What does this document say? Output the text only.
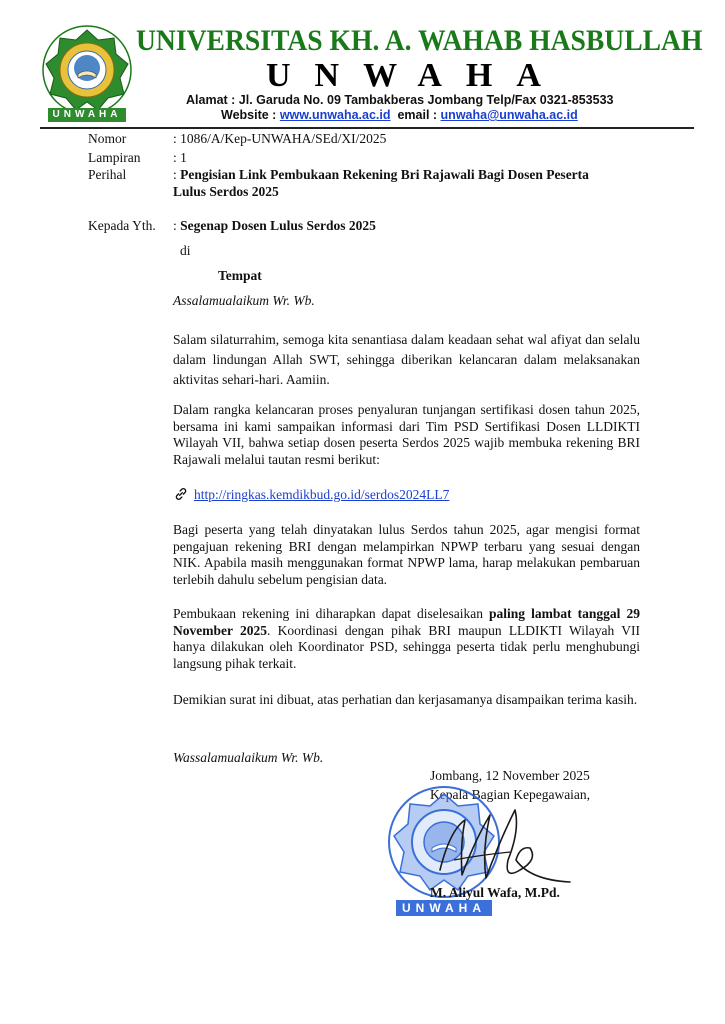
UNWAHA
UNIVERSITAS KH. A. WAHAB HASBULLAH
UNWAHA
Alamat : Jl. Garuda No. 09 Tambakberas Jombang Telp/Fax 0321-853533
Website : www.unwaha.ac.id email : unwaha@unwaha.ac.id
Nomor	: 1086/A/Kep-UNWAHA/SEd/XI/2025
Lampiran : 1
Perihal	: Pengisian Link Pembukaan Rekening Bri Rajawali Bagi Dosen Peserta
Lulus Serdos 2025
Kepada Yth. : Segenap Dosen Lulus Serdos 2025
di
Tempat
Assalamualaikum Wr. Wb.
Salam silaturrahim, semoga kita senantiasa dalam keadaan sehat wal afiyat dan selalu dalam lindungan Allah SWT, sehingga diberikan kelancaran dalam melaksanakan aktivitas sehari-hari. Aamiin.
Dalam rangka kelancaran proses penyaluran tunjangan sertifikasi dosen tahun 2025, bersama ini kami sampaikan informasi dari Tim PSD Sertifikasi Dosen LLDIKTI Wilayah VII, bahwa setiap dosen peserta Serdos 2025 wajib membuka rekening BRI Rajawali melalui tautan resmi berikut:
http://ringkas.kemdikbud.go.id/serdos2024LL7
Bagi peserta yang telah dinyatakan lulus Serdos tahun 2025, agar mengisi format pengajuan rekening BRI dengan melampirkan NPWP terbaru yang sesuai dengan NIK. Apabila masih menggunakan format NPWP lama, harap melakukan pembaruan terlebih dahulu sebelum pengisian data.
Pembukaan rekening ini diharapkan dapat diselesaikan paling lambat tanggal 29 November 2025. Koordinasi dengan pihak BRI maupun LLDIKTI Wilayah VII hanya dilakukan oleh Koordinator PSD, sehingga peserta tidak perlu menghubungi langsung pihak terkait.
Demikian surat ini dibuat, atas perhatian dan kerjasamanya disampaikan terima kasih.
Wassalamualaikum Wr. Wb.
Jombang, 12 November 2025
Kepala Bagian Kepegawaian,
UNWAHA
M. Aliyul Wafa, M.Pd.
